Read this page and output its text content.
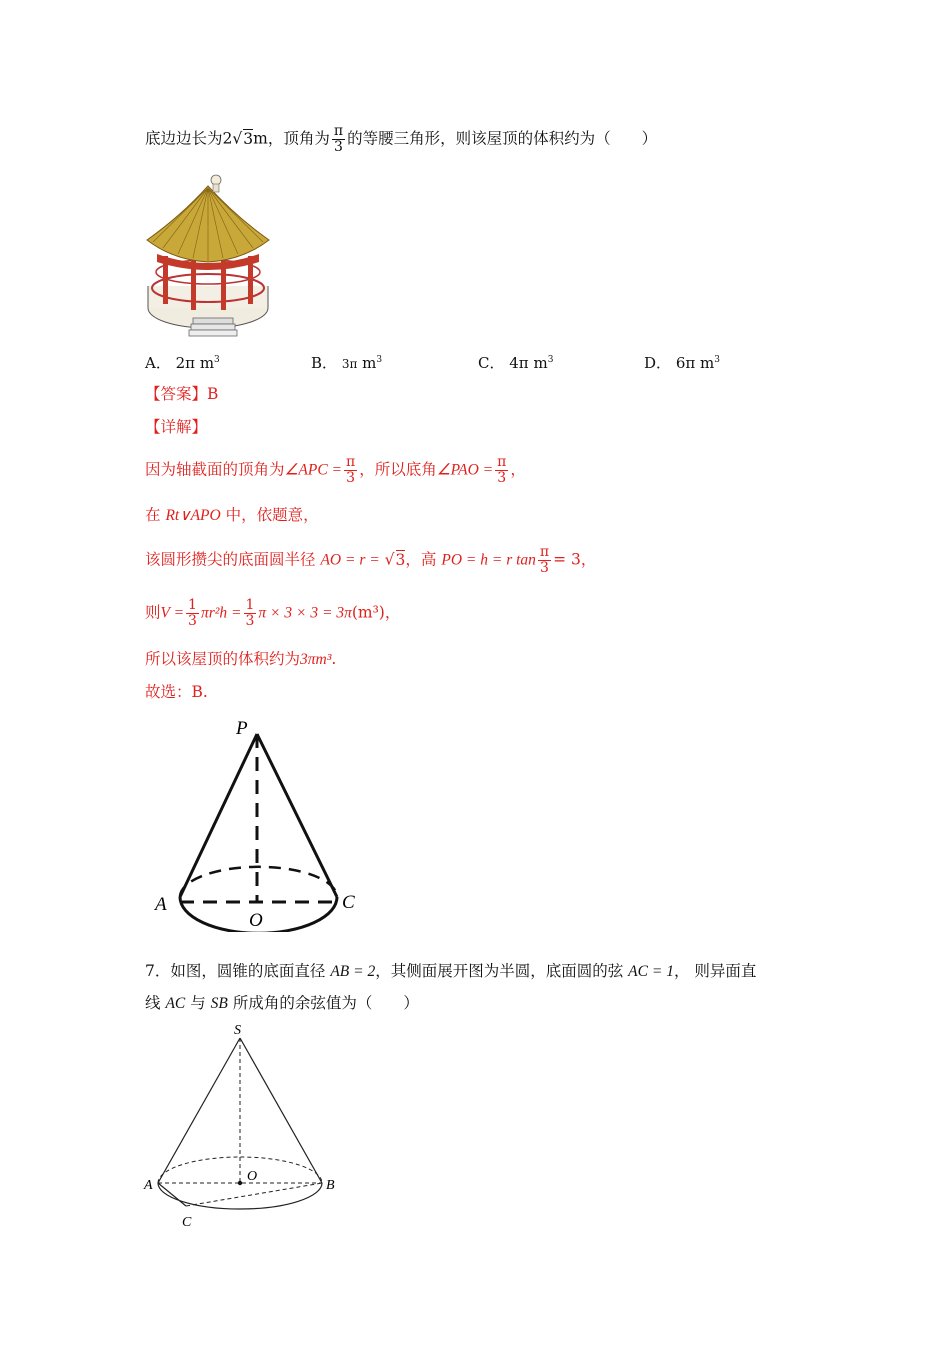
底边边长为2√3m，顶角为 $\frac{\pi}{3}$ 的等腰三角形，则该屋顶的体积约为（　　）
A． 2π $m^3$	B． 3π $m^3$	C． 4π $m^3$	D． 6π $m^3$
【答案】B
【详解】
因为轴截面的顶角为∠APC = $\frac{\pi}{3}$ ，所以底角∠PAO = $\frac{\pi}{3}$ ，
在 Rt∨APO 中，依题意，
该圆形攒尖的底面圆半径 AO = r = √3，高 PO = h = r $\tan \frac{\pi}{3} = 3$，
则$V = \frac{1}{3} \pi r^2h = \frac{1}{3}$ π × 3 × 3 = 3π(m³)，
所以该屋顶的体积约为3πm³.
故选：B.
P
A
O
C
7．如图，圆锥的底面直径 AB = 2，其侧面展开图为半圆，底面圆的弦 AC = 1， 则异面直
线 AC 与 SB 所成角的余弦值为（　　）
S
O
A	B
C
